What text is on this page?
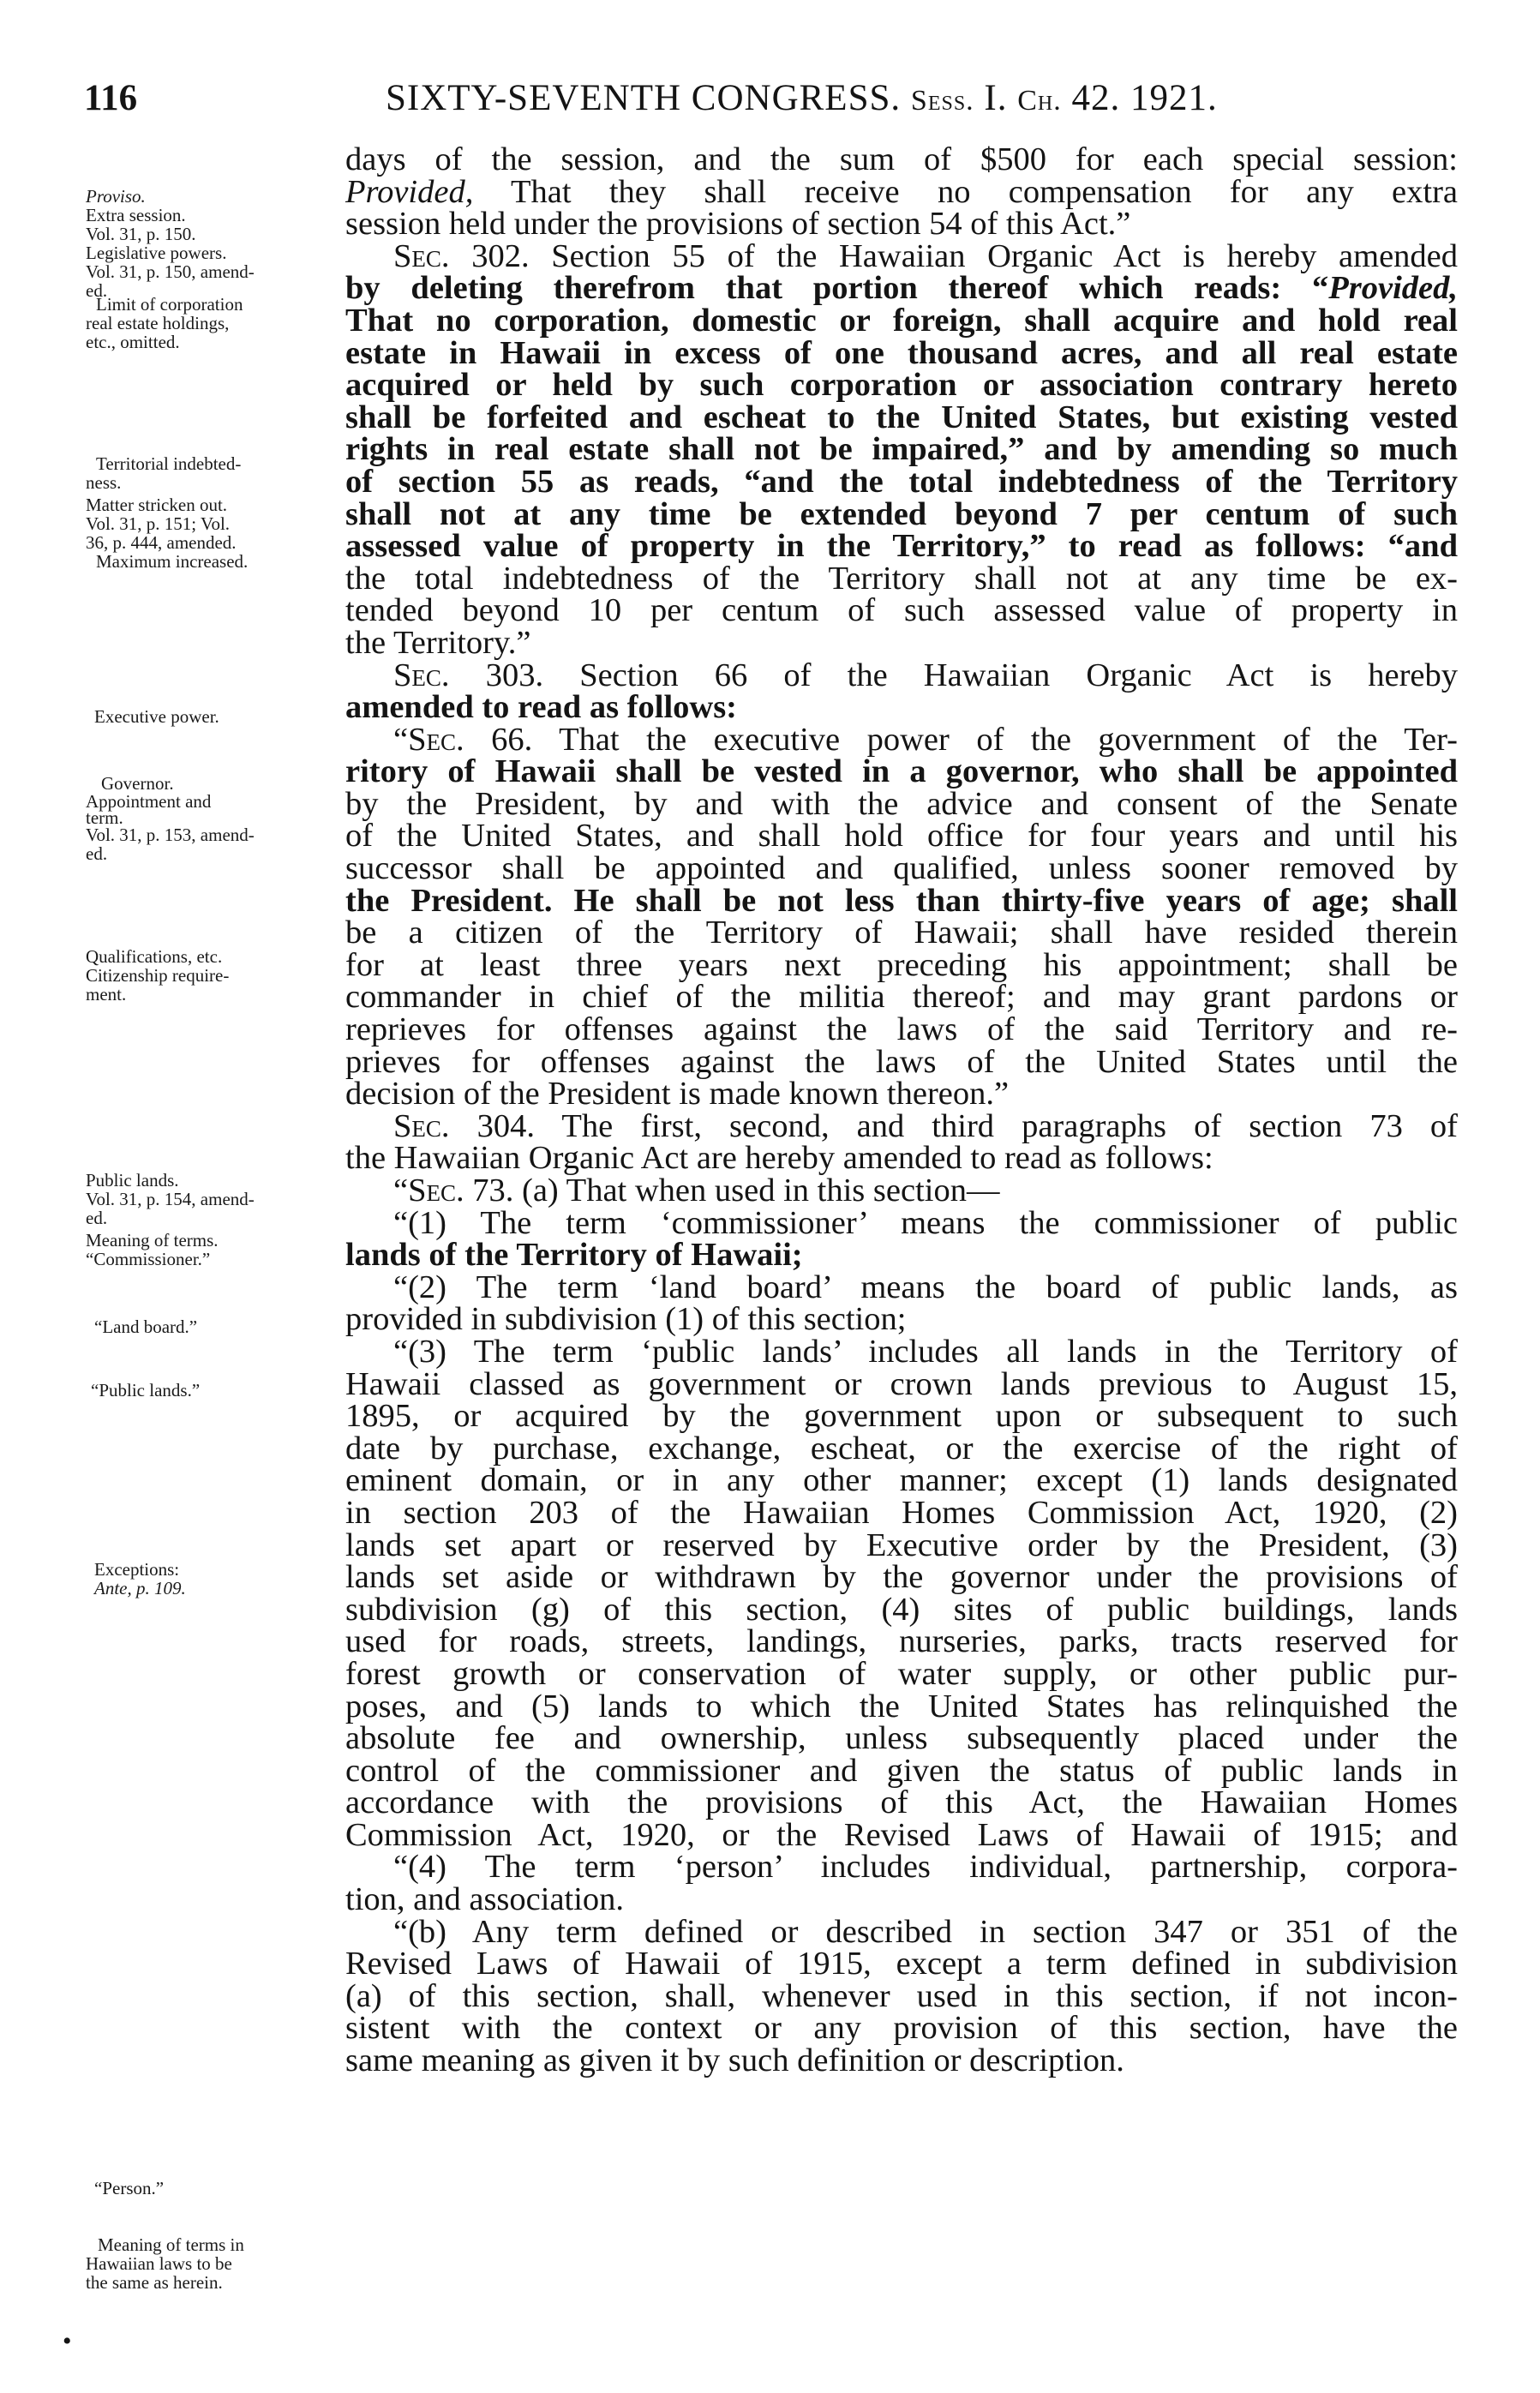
116	SIXTY-SEVENTH CONGRESS. Sess. I. Ch. 42. 1921.
Proviso.
Extra session.
Vol. 31, p. 150.
Legislative powers.
Vol. 31, p. 150, amend-
ed.
Limit of corporation
real estate holdings,
etc., omitted.
Territorial indebted-
ness.
Matter stricken out.
Vol. 31, p. 151; Vol.
36, p. 444, amended.
Maximum increased.
Executive power.
Governor.
Appointment and
term.
Vol. 31, p. 153, amend-
ed.
Qualifications, etc.
Citizenship require-
ment.
Public lands.
Vol. 31, p. 154, amend-
ed.
Meaning of terms.
“Commissioner.”
“Land board.”
“Public lands.”
Exceptions:
Ante, p. 109.
“Person.”
Meaning of terms in
Hawaiian laws to be
the same as herein.
days of the session, and the sum of $500 for each special session:
Provided, That they shall receive no compensation for any extra
session held under the provisions of section 54 of this Act.”
Sec. 302. Section 55 of the Hawaiian Organic Act is hereby amended
by deleting therefrom that portion thereof which reads: “Provided,
That no corporation, domestic or foreign, shall acquire and hold real
estate in Hawaii in excess of one thousand acres, and all real estate
acquired or held by such corporation or association contrary hereto
shall be forfeited and escheat to the United States, but existing vested
rights in real estate shall not be impaired,” and by amending so much
of section 55 as reads, “and the total indebtedness of the Territory
shall not at any time be extended beyond 7 per centum of such
assessed value of property in the Territory,” to read as follows: “and
the total indebtedness of the Territory shall not at any time be ex-
tended beyond 10 per centum of such assessed value of property in
the Territory.”
Sec. 303. Section 66 of the Hawaiian Organic Act is hereby
amended to read as follows:
“Sec. 66. That the executive power of the government of the Ter-
ritory of Hawaii shall be vested in a governor, who shall be appointed
by the President, by and with the advice and consent of the Senate
of the United States, and shall hold office for four years and until his
successor shall be appointed and qualified, unless sooner removed by
the President. He shall be not less than thirty-five years of age; shall
be a citizen of the Territory of Hawaii; shall have resided therein
for at least three years next preceding his appointment; shall be
commander in chief of the militia thereof; and may grant pardons or
reprieves for offenses against the laws of the said Territory and re-
prieves for offenses against the laws of the United States until the
decision of the President is made known thereon.”
Sec. 304. The first, second, and third paragraphs of section 73 of
the Hawaiian Organic Act are hereby amended to read as follows:
“Sec. 73. (a) That when used in this section—
“(1) The term ‘commissioner’ means the commissioner of public
lands of the Territory of Hawaii;
“(2) The term ‘land board’ means the board of public lands, as
provided in subdivision (1) of this section;
“(3) The term ‘public lands’ includes all lands in the Territory of
Hawaii classed as government or crown lands previous to August 15,
1895, or acquired by the government upon or subsequent to such
date by purchase, exchange, escheat, or the exercise of the right of
eminent domain, or in any other manner; except (1) lands designated
in section 203 of the Hawaiian Homes Commission Act, 1920, (2)
lands set apart or reserved by Executive order by the President, (3)
lands set aside or withdrawn by the governor under the provisions of
subdivision (g) of this section, (4) sites of public buildings, lands
used for roads, streets, landings, nurseries, parks, tracts reserved for
forest growth or conservation of water supply, or other public pur-
poses, and (5) lands to which the United States has relinquished the
absolute fee and ownership, unless subsequently placed under the
control of the commissioner and given the status of public lands in
accordance with the provisions of this Act, the Hawaiian Homes
Commission Act, 1920, or the Revised Laws of Hawaii of 1915; and
“(4) The term ‘person’ includes individual, partnership, corpora-
tion, and association.
“(b) Any term defined or described in section 347 or 351 of the
Revised Laws of Hawaii of 1915, except a term defined in subdivision
(a) of this section, shall, whenever used in this section, if not incon-
sistent with the context or any provision of this section, have the
same meaning as given it by such definition or description.
•
